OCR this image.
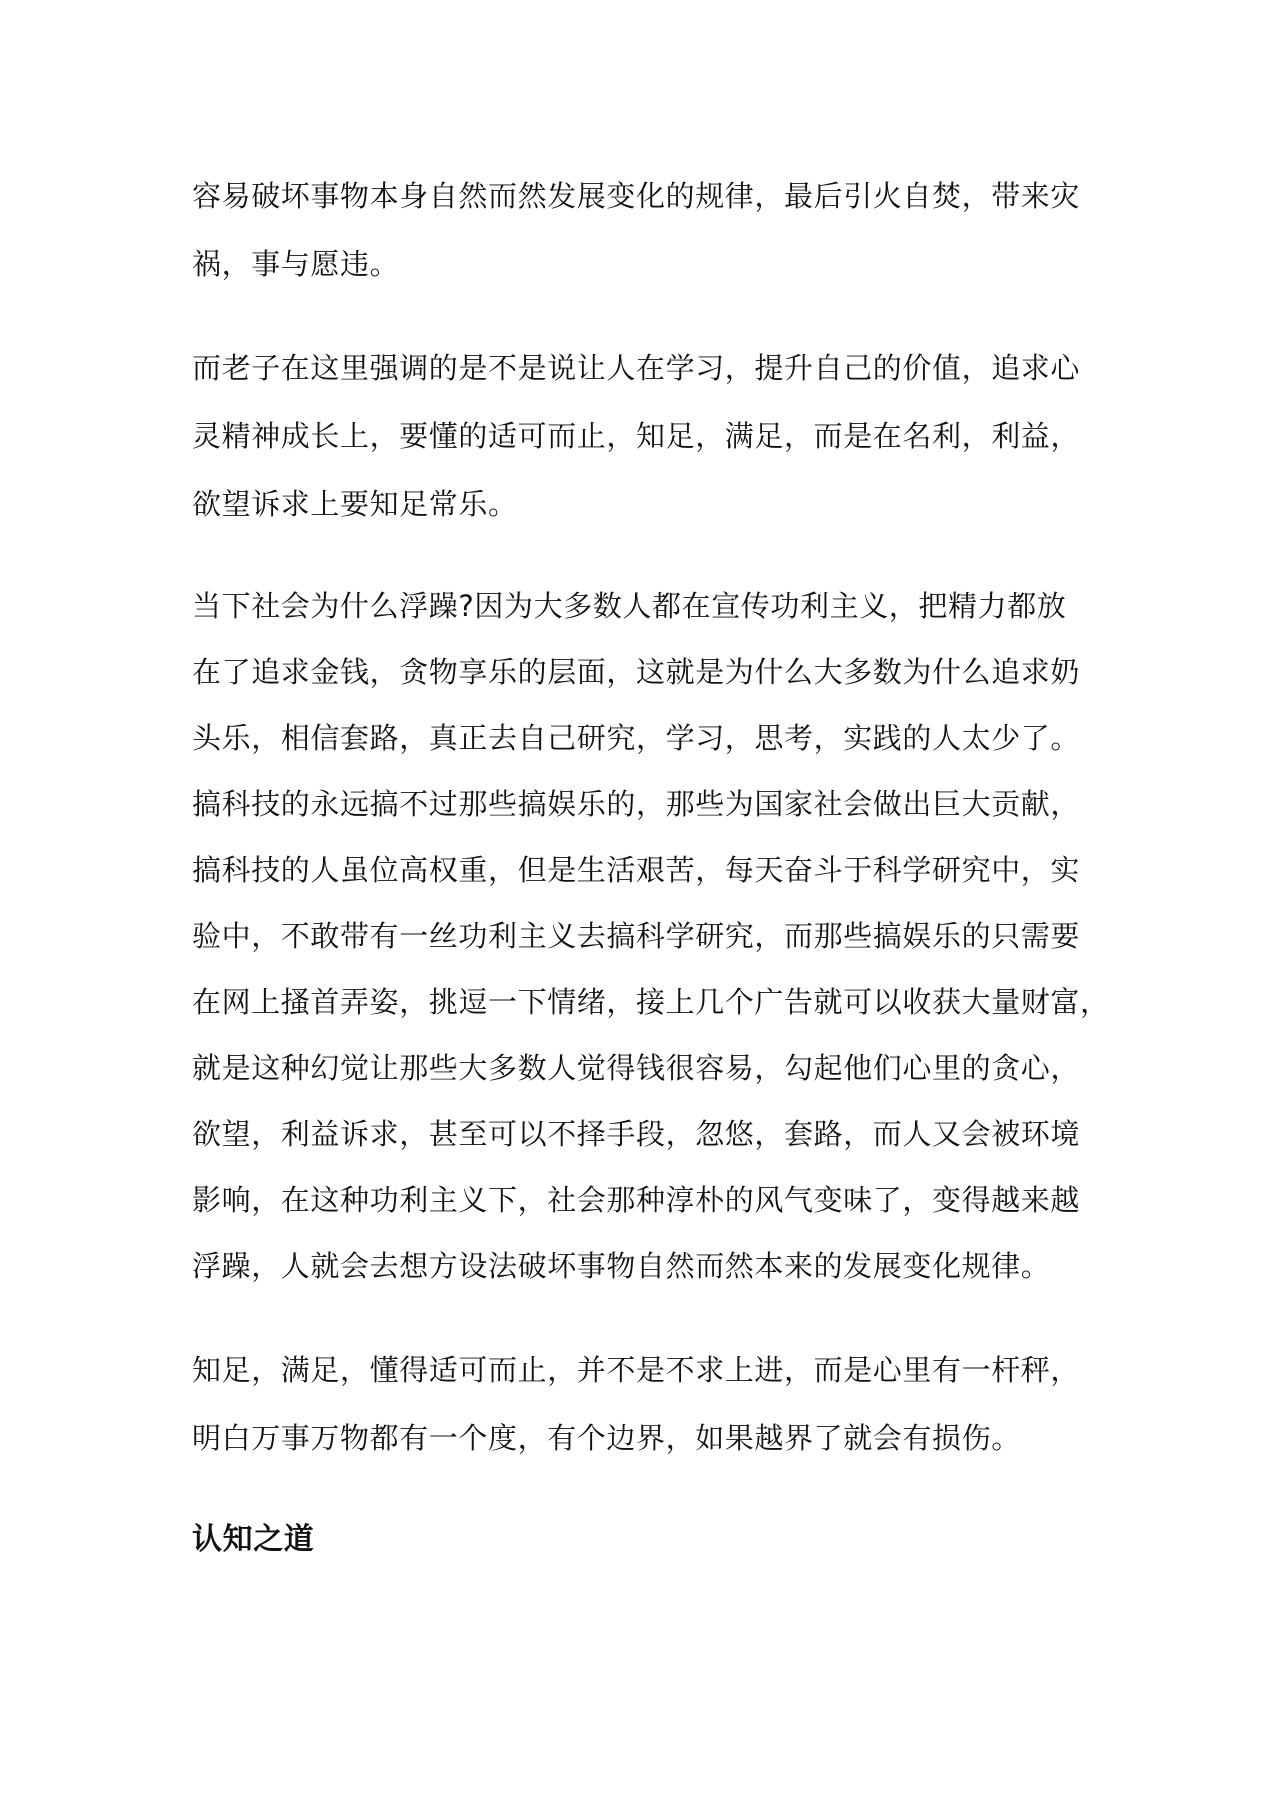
容易破坏事物本身自然而然发展变化的规律，最后引火自焚，带来灾
祸，事与愿违。
而老子在这里强调的是不是说让人在学习，提升自己的价值，追求心
灵精神成长上，要懂的适可而止，知足，满足，而是在名利，利益，
欲望诉求上要知足常乐。
当下社会为什么浮躁?因为大多数人都在宣传功利主义，把精力都放
在了追求金钱，贪物享乐的层面，这就是为什么大多数为什么追求奶
头乐，相信套路，真正去自己研究，学习，思考，实践的人太少了。
搞科技的永远搞不过那些搞娱乐的，那些为国家社会做出巨大贡献，
搞科技的人虽位高权重，但是生活艰苦，每天奋斗于科学研究中，实
验中，不敢带有一丝功利主义去搞科学研究，而那些搞娱乐的只需要
在网上搔首弄姿，挑逗一下情绪，接上几个广告就可以收获大量财富，
就是这种幻觉让那些大多数人觉得钱很容易，勾起他们心里的贪心，
欲望，利益诉求，甚至可以不择手段，忽悠，套路，而人又会被环境
影响，在这种功利主义下，社会那种淳朴的风气变味了，变得越来越
浮躁，人就会去想方设法破坏事物自然而然本来的发展变化规律。
知足，满足，懂得适可而止，并不是不求上进，而是心里有一杆秤，
明白万事万物都有一个度，有个边界，如果越界了就会有损伤。
认知之道
